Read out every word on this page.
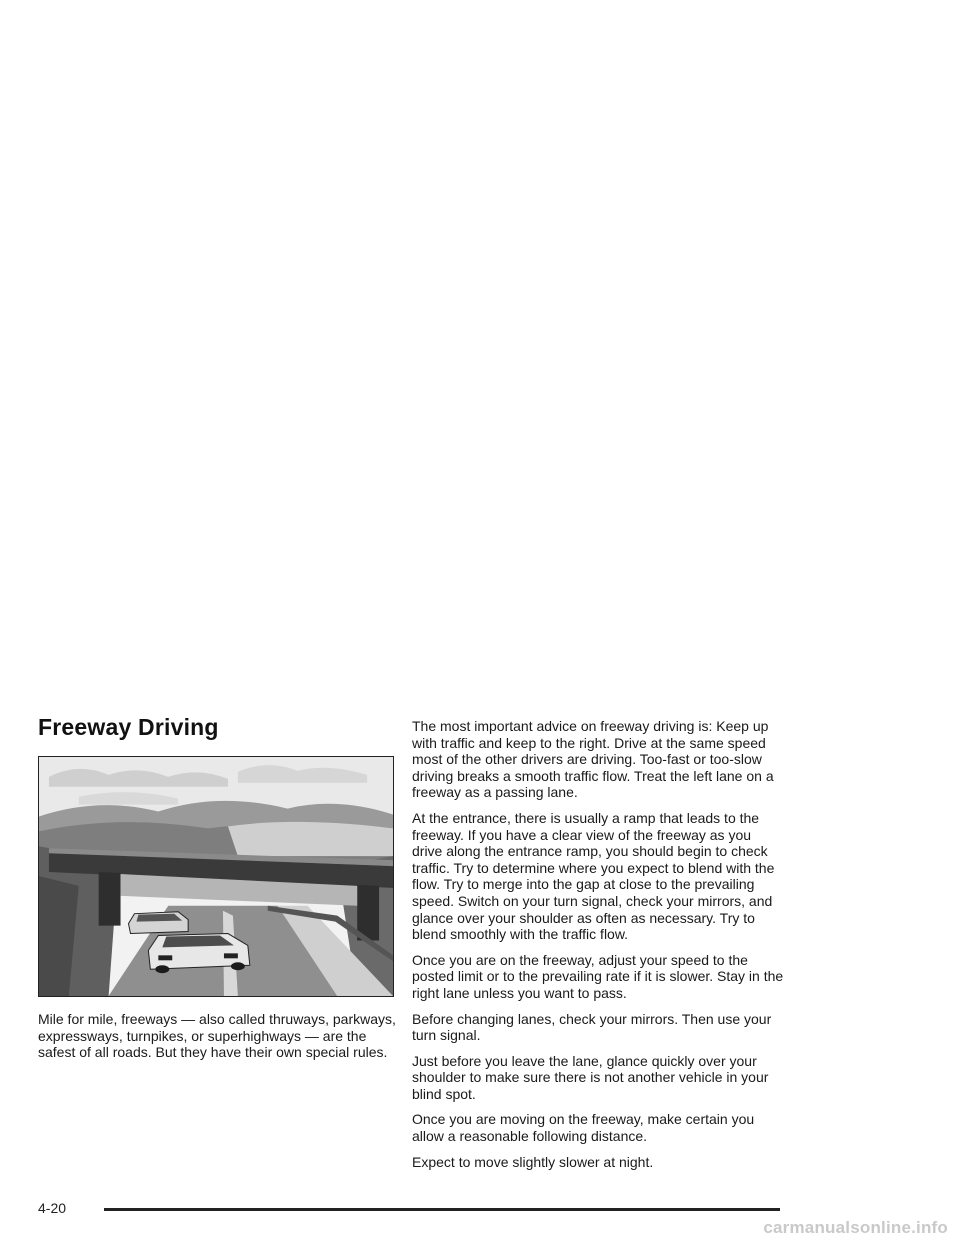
Freeway Driving

Mile for mile, freeways — also called thruways, parkways, expressways, turnpikes, or superhighways — are the safest of all roads. But they have their own special rules.

The most important advice on freeway driving is: Keep up with traffic and keep to the right. Drive at the same speed most of the other drivers are driving. Too-fast or too-slow driving breaks a smooth traffic flow. Treat the left lane on a freeway as a passing lane.

At the entrance, there is usually a ramp that leads to the freeway. If you have a clear view of the freeway as you drive along the entrance ramp, you should begin to check traffic. Try to determine where you expect to blend with the flow. Try to merge into the gap at close to the prevailing speed. Switch on your turn signal, check your mirrors, and glance over your shoulder as often as necessary. Try to blend smoothly with the traffic flow.

Once you are on the freeway, adjust your speed to the posted limit or to the prevailing rate if it is slower. Stay in the right lane unless you want to pass.

Before changing lanes, check your mirrors. Then use your turn signal.

Just before you leave the lane, glance quickly over your shoulder to make sure there is not another vehicle in your blind spot.

Once you are moving on the freeway, make certain you allow a reasonable following distance.

Expect to move slightly slower at night.

4-20

carmanualsonline.info
